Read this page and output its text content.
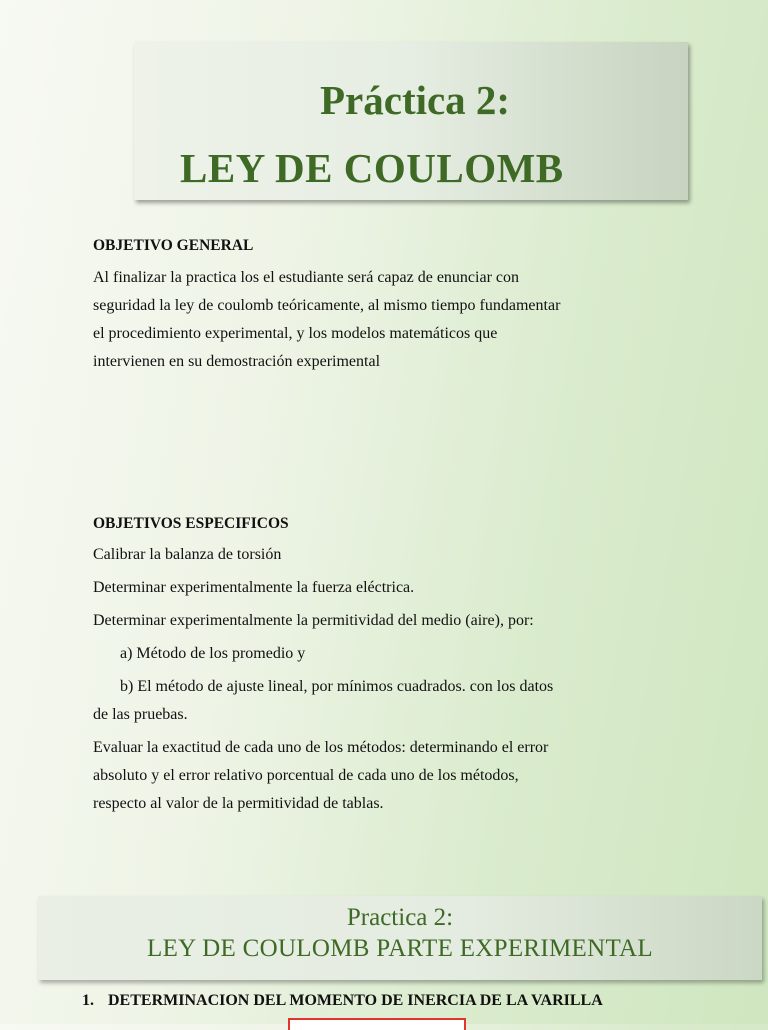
Práctica 2:
LEY DE COULOMB
OBJETIVO GENERAL
Al finalizar la practica los el estudiante será capaz de enunciar con
seguridad la ley de coulomb teóricamente, al mismo tiempo fundamentar
el procedimiento experimental, y los modelos matemáticos que
intervienen en su demostración experimental
OBJETIVOS ESPECIFICOS

Calibrar la balanza de torsión

Determinar experimentalmente la fuerza eléctrica.

Determinar experimentalmente la permitividad del medio (aire), por:

a) Método de los promedio y

b) El método de ajuste lineal, por mínimos cuadrados. con los datos
de las pruebas.

Evaluar la exactitud de cada uno de los métodos: determinando el error
absoluto y el error relativo porcentual de cada uno de los métodos,
respecto al valor de la permitividad de tablas.

Practica 2:
LEY DE COULOMB PARTE EXPERIMENTAL
1. DETERMINACION DEL MOMENTO DE INERCIA DE LA VARILLA
